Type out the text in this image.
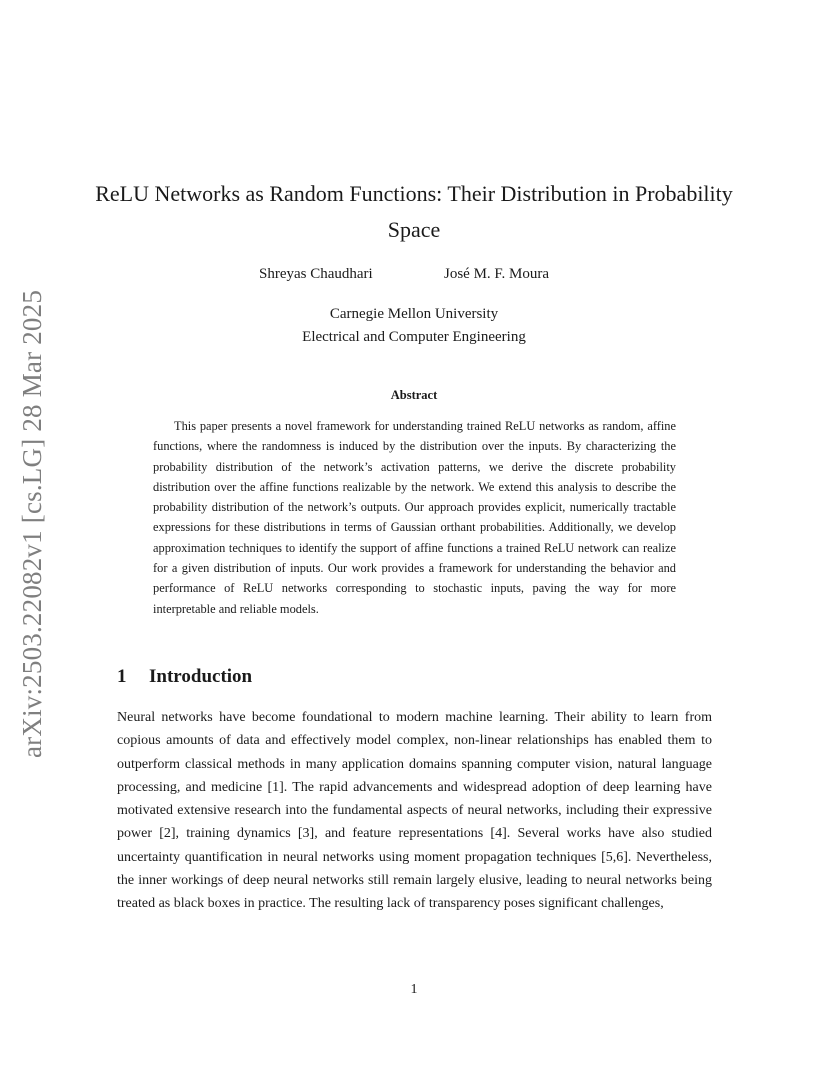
arXiv:2503.22082v1 [cs.LG] 28 Mar 2025
ReLU Networks as Random Functions: Their Distribution in Probability Space
Shreyas Chaudhari	José M. F. Moura
Carnegie Mellon University
Electrical and Computer Engineering
Abstract

This paper presents a novel framework for understanding trained ReLU networks as random, affine functions, where the randomness is induced by the distribution over the inputs. By characterizing the probability distribution of the network’s activation patterns, we derive the discrete probability distribution over the affine functions realizable by the network. We extend this analysis to describe the probability distribution of the network’s outputs. Our approach provides explicit, numerically tractable expressions for these distributions in terms of Gaussian orthant probabilities. Additionally, we develop approximation techniques to identify the support of affine functions a trained ReLU network can realize for a given distribution of inputs. Our work provides a framework for understanding the behavior and performance of ReLU networks corresponding to stochastic inputs, paving the way for more interpretable and reliable models.

1 Introduction

Neural networks have become foundational to modern machine learning. Their ability to learn from copious amounts of data and effectively model complex, non-linear relationships has enabled them to outperform classical methods in many application domains spanning computer vision, natural language processing, and medicine [1]. The rapid advancements and widespread adoption of deep learning have motivated extensive research into the fundamental aspects of neural networks, including their expressive power [2], training dynamics [3], and feature representations [4]. Several works have also studied uncertainty quantification in neural networks using moment propagation techniques [5,6]. Nevertheless, the inner workings of deep neural networks still remain largely elusive, leading to neural networks being treated as black boxes in practice. The resulting lack of transparency poses significant challenges,

1
